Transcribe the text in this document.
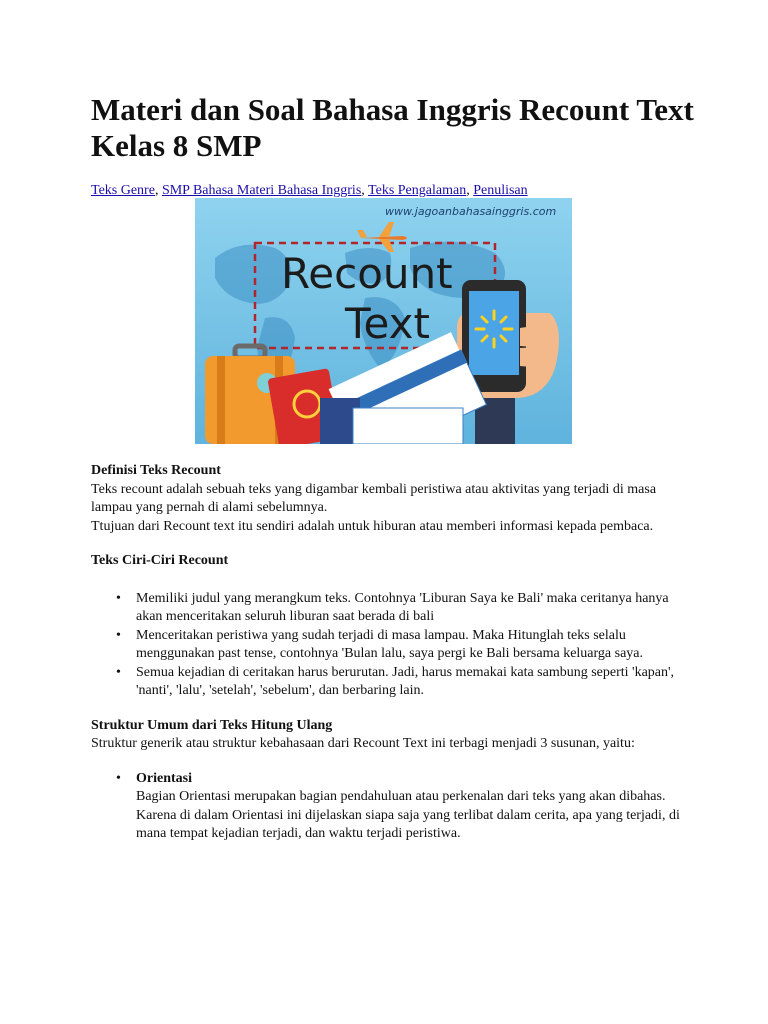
Materi dan Soal Bahasa Inggris Recount Text Kelas 8 SMP
Teks Genre, SMP Bahasa Materi Bahasa Inggris, Teks Pengalaman, Penulisan
www.jagoanbahasainggris.com
Recount
Text
Definisi Teks Recount

Teks recount adalah sebuah teks yang digambar kembali peristiwa atau aktivitas yang terjadi di masa lampau yang pernah di alami sebelumnya.

Ttujuan dari Recount text itu sendiri adalah untuk hiburan atau memberi informasi kepada pembaca.

Teks Ciri-Ciri Recount
• Memiliki judul yang merangkum teks. Contohnya 'Liburan Saya ke Bali' maka ceritanya hanya akan menceritakan seluruh liburan saat berada di bali
• Menceritakan peristiwa yang sudah terjadi di masa lampau. Maka Hitunglah teks selalu menggunakan past tense, contohnya 'Bulan lalu, saya pergi ke Bali bersama keluarga saya.
• Semua kejadian di ceritakan harus berurutan. Jadi, harus memakai kata sambung seperti 'kapan', 'nanti', 'lalu', 'setelah', 'sebelum', dan berbaring lain.
Struktur Umum dari Teks Hitung Ulang

Struktur generik atau struktur kebahasaan dari Recount Text ini terbagi menjadi 3 susunan, yaitu:

• Orientasi
Bagian Orientasi merupakan bagian pendahuluan atau perkenalan dari teks yang akan dibahas. Karena di dalam Orientasi ini dijelaskan siapa saja yang terlibat dalam cerita, apa yang terjadi, di mana tempat kejadian terjadi, dan waktu terjadi peristiwa.
